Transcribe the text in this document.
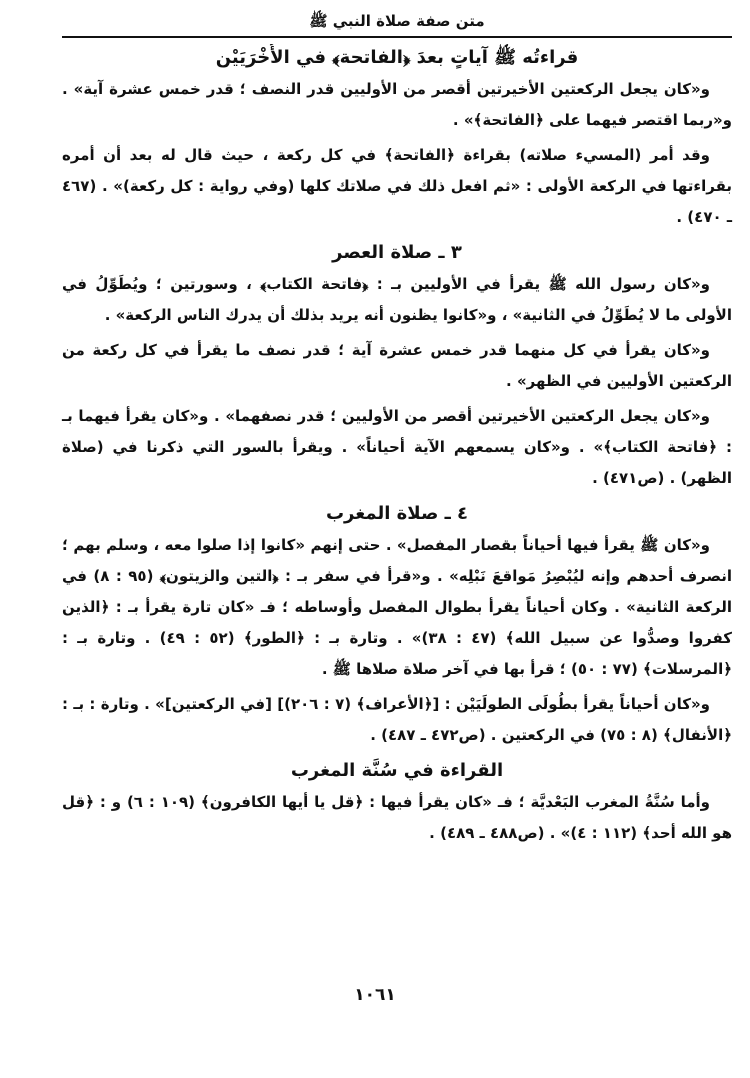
متن صفة صلاة النبي ﷺ
قراءتُه ﷺ آياتٍ بعدَ ﴿الفاتحة﴾ في الأُخْرَيَيْن

و«كان يجعل الركعتين الأخيرتين أقصر من الأوليين قدر النصف ؛ قدر خمس عشرة آية» . و«ربما اقتصر فيهما على ﴿الفاتحة﴾» .

وقد أمر (المسيء صلاته) بقراءة ﴿الفاتحة﴾ في كل ركعة ، حيث قال له بعد أن أمره بقراءتها في الركعة الأولى : «ثم افعل ذلك في صلاتك كلها (وفي رواية : كل ركعة)» . (٤٦٧ ـ ٤٧٠) .

٣ ـ صلاة العصر

و«كان رسول الله ﷺ يقرأ في الأوليين بـ : ﴿فاتحة الكتاب﴾ ، وسورتين ؛ ويُطَوِّلُ في الأولى ما لا يُطَوِّلُ في الثانية» ، و«كانوا يظنون أنه يريد بذلك أن يدرك الناس الركعة» .

و«كان يقرأ في كل منهما قدر خمس عشرة آية ؛ قدر نصف ما يقرأ في كل ركعة من الركعتين الأوليين في الظهر» .

و«كان يجعل الركعتين الأخيرتين أقصر من الأوليين ؛ قدر نصفهما» . و«كان يقرأ فيهما بـ : ﴿فاتحة الكتاب﴾» . و«كان يسمعهم الآية أحياناً» . ويقرأ بالسور التي ذكرنا في (صلاة الظهر) . (ص٤٧١) .

٤ ـ صلاة المغرب

و«كان ﷺ يقرأ فيها أحياناً بقصار المفصل» . حتى إنهم «كانوا إذا صلوا معه ، وسلم بهم ؛ انصرف أحدهم وإنه ليُبْصِرُ مَواقعَ نَبْلِه» . و«قرأ في سفر بـ : ﴿التين والزيتون﴾ (٩٥ : ٨) في الركعة الثانية» . وكان أحياناً يقرأ بطوال المفصل وأوساطه ؛ فـ «كان تارة يقرأ بـ : ﴿الذين كفروا وصدُّوا عن سبيل الله﴾ (٤٧ : ٣٨)» . وتارة بـ : ﴿الطور﴾ (٥٢ : ٤٩) . وتارة بـ : ﴿المرسلات﴾ (٧٧ : ٥٠) ؛ قرأ بها في آخر صلاة صلاها ﷺ .

و«كان أحياناً يقرأ بطُولَى الطولَيَيْن : [﴿الأعراف﴾ (٧ : ٢٠٦)] [في الركعتين]» . وتارة : بـ : ﴿الأنفال﴾ (٨ : ٧٥) في الركعتين . (ص٤٧٢ ـ ٤٨٧) .

القراءة في سُنَّة المغرب

وأما سُنَّةُ المغرب البَعْديَّة ؛ فـ «كان يقرأ فيها : ﴿قل يا أيها الكافرون﴾ (١٠٩ : ٦) و : ﴿قل هو الله أحد﴾ (١١٢ : ٤)» . (ص٤٨٨ ـ ٤٨٩) .

١٠٦١
